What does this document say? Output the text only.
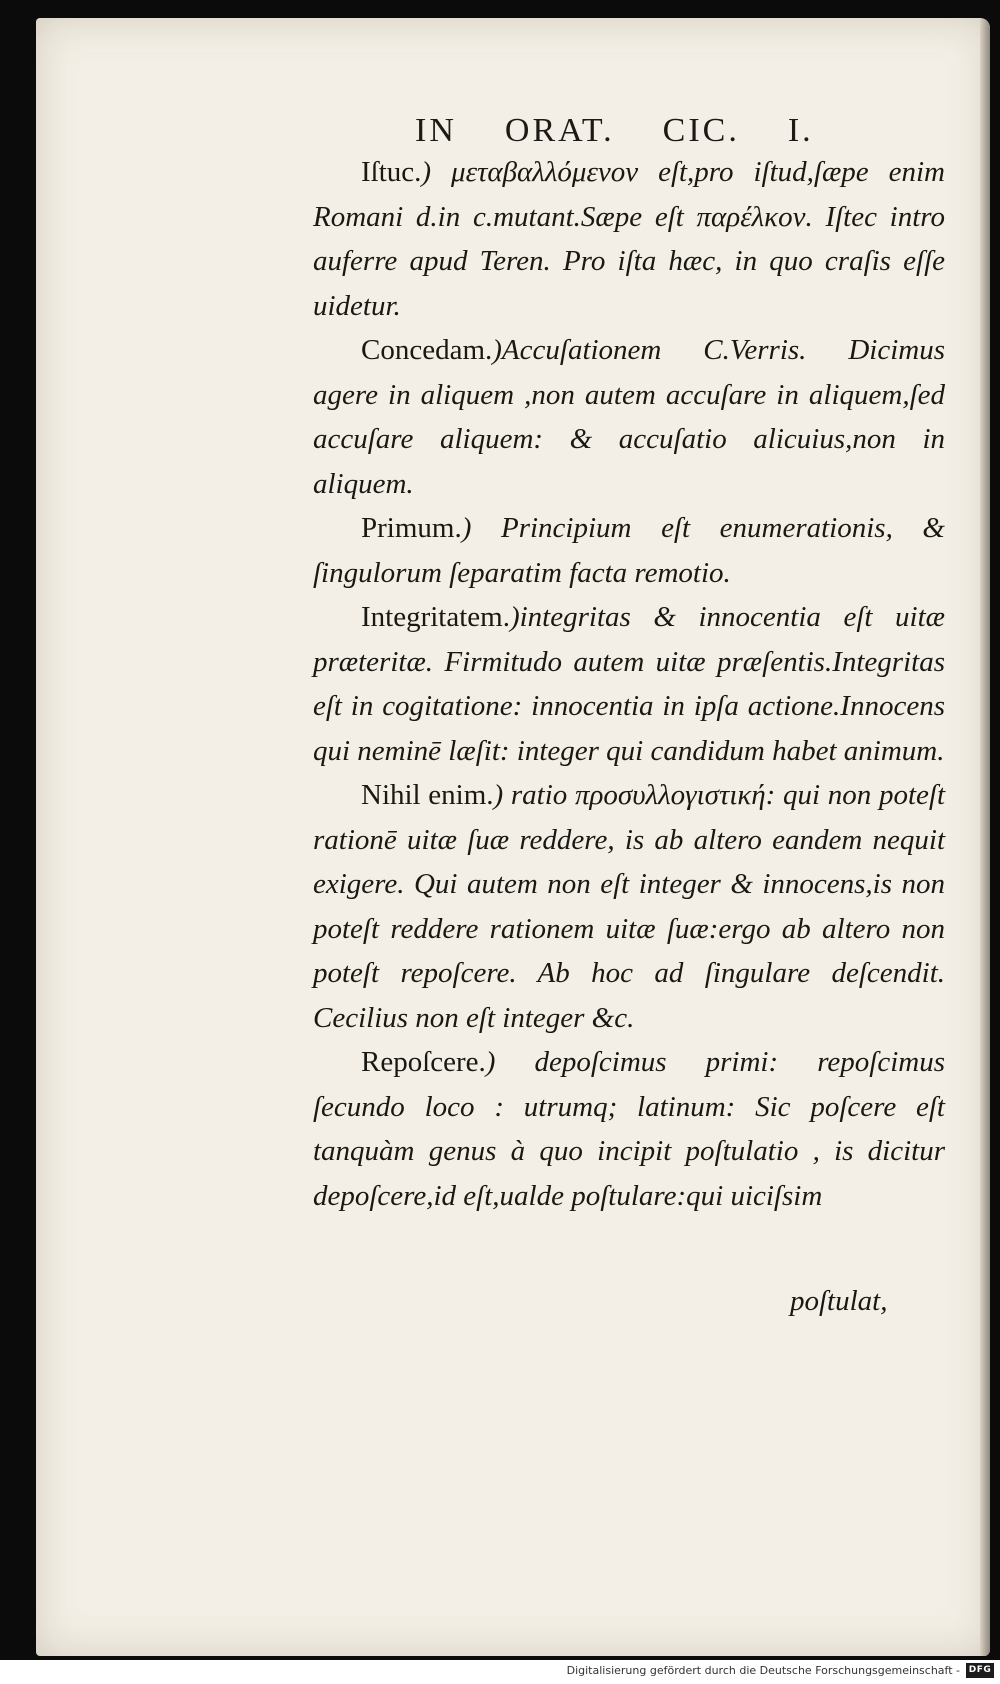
IN ORAT. CIC. I.

Iſtuc.) μεταβαλλόμενον eſt,pro iſtud,ſæpe enim Romani d.in c.mutant.Sæpe eſt παρέλκον. Iſtec intro auferre apud Teren. Pro iſta hæc, in quo craſis eſſe uidetur.

Concedam.)Accuſationem C.Verris. Dicimus agere in aliquem ,non autem accuſare in aliquem,ſed accuſare aliquem: & accuſatio alicuius,non in aliquem.

Primum.) Principium eſt enumerationis, & ſingulorum ſeparatim facta remotio.

Integritatem.)integritas & innocentia eſt uitæ præteritæ. Firmitudo autem uitæ præſentis.Integritas eſt in cogitatione: innocentia in ipſa actione.Innocens qui neminē læſit: integer qui candidum habet animum.

Nihil enim.) ratio προσυλλογιστική: qui non poteſt rationē uitæ ſuæ reddere, is ab altero eandem nequit exigere. Qui autem non eſt integer & innocens,is non poteſt reddere rationem uitæ ſuæ:ergo ab altero non poteſt repoſcere. Ab hoc ad ſingulare deſcendit. Cecilius non eſt integer &c.

Repoſcere.) depoſcimus primi: repoſcimus ſecundo loco : utrumq; latinum: Sic poſcere eſt tanquàm genus à quo incipit poſtulatio , is dicitur depoſcere,id eſt,ualde poſtulare:qui uiciſsim

poſtulat,
Digitalisierung gefördert durch die Deutsche Forschungsgemeinschaft - DFG
